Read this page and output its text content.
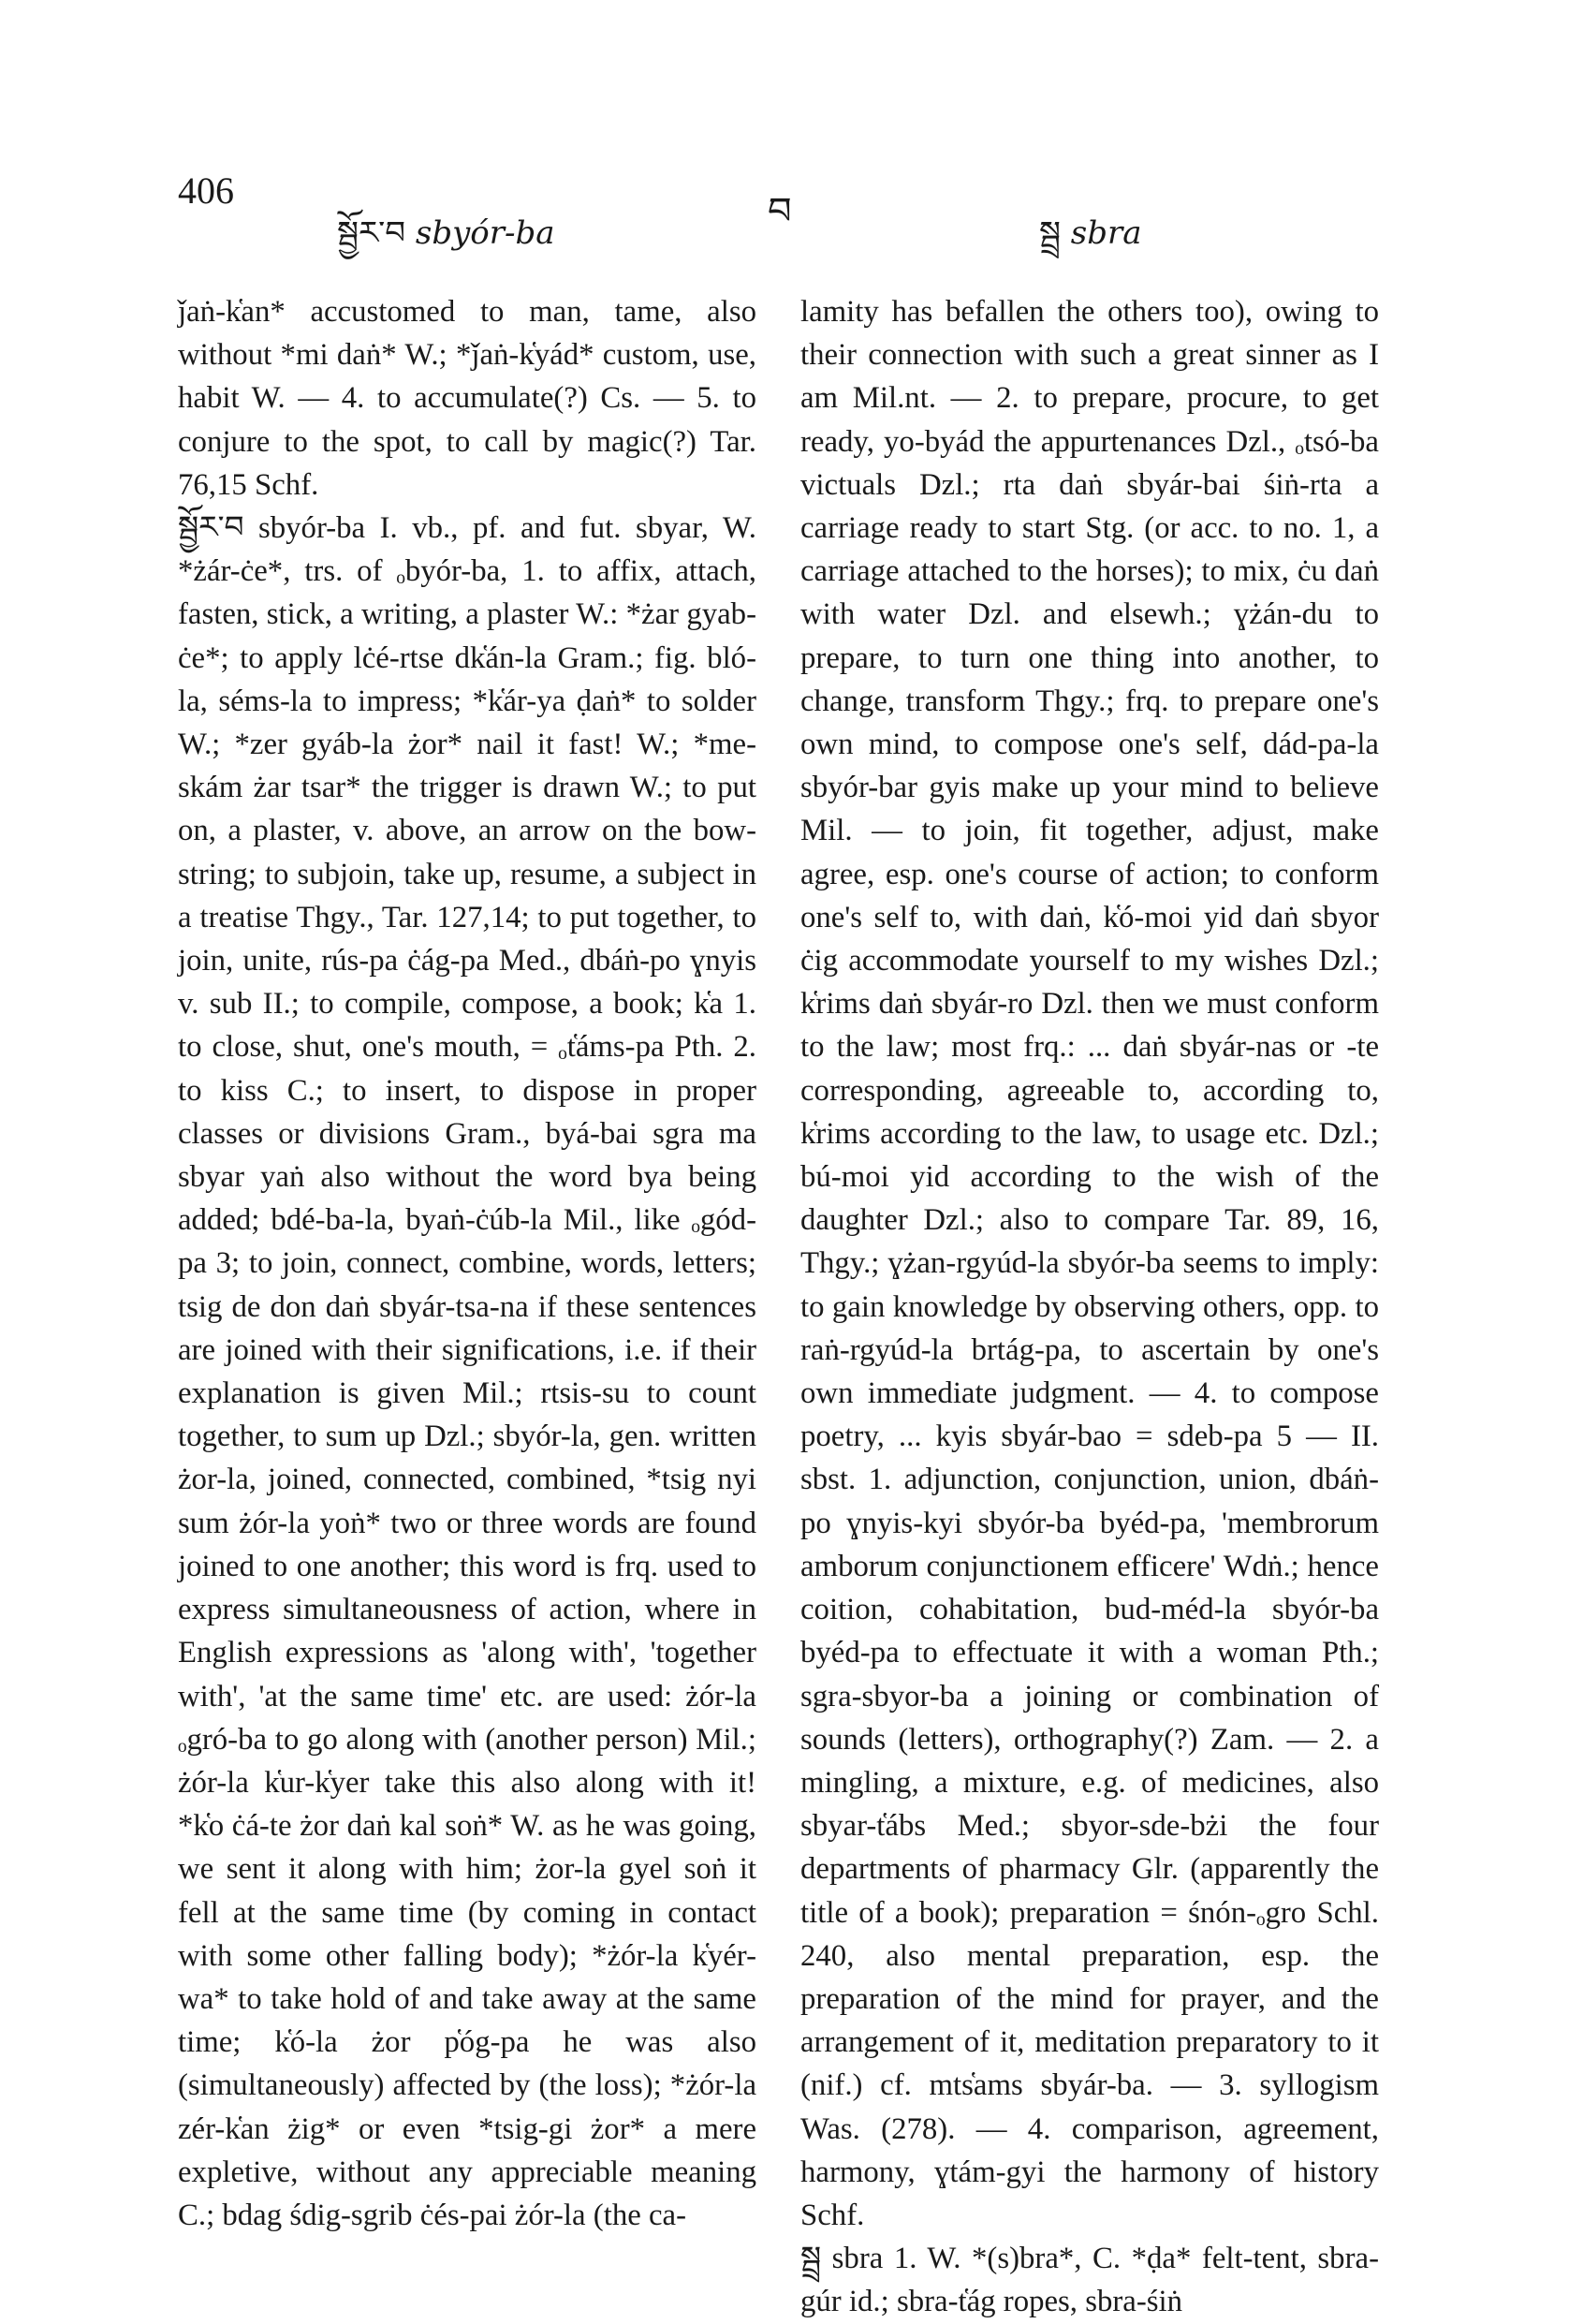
406
སྦྱོར་བ sbyór-ba	བ	སྦྲ sbra

ǰaṅ-k̔an* accustomed to man, tame, also without *mi daṅ* W.; *ǰaṅ-k̔yád* custom, use, habit W. — 4. to accumulate(?) Cs. — 5. to conjure to the spot, to call by magic(?) Tar. 76,15 Schf.

སྦྱོར་བ sbyór-ba I. vb., pf. and fut. sbyar, W. *żár-ċe*, trs. of ₒbyór-ba, 1. to affix, attach, fasten, stick, a writing, a plaster W.: *żar gyab-ċe*; to apply lċé-rtse dk̔án-la Gram.; fig. bló-la, séms-la to impress; *k̔ár-ya ḍaṅ* to solder W.; *zer gyáb-la żor* nail it fast! W.; *me-skám żar tsar* the trigger is drawn W.; to put on, a plaster, v. above, an arrow on the bow-string; to subjoin, take up, resume, a subject in a treatise Thgy., Tar. 127,14; to put together, to join, unite, rús-pa ċág-pa Med., dbáṅ-po ɣnyis v. sub II.; to compile, compose, a book; k̔a 1. to close, shut, one's mouth, = ₒt̔áms-pa Pth. 2. to kiss C.; to insert, to dispose in proper classes or divisions Gram., byá-bai sgra ma sbyar yaṅ also without the word bya being added; bdé-ba-la, byaṅ-ċúb-la Mil., like ₒgód-pa 3; to join, connect, combine, words, letters; tsig de don daṅ sbyár-tsa-na if these sentences are joined with their significations, i.e. if their explanation is given Mil.; rtsis-su to count together, to sum up Dzl.; sbyór-la, gen. written żor-la, joined, connected, combined, *tsig nyi sum żór-la yoṅ* two or three words are found joined to one another; this word is frq. used to express simultaneousness of action, where in English expressions as 'along with', 'together with', 'at the same time' etc. are used: żór-la ₒgró-ba to go along with (another person) Mil.; żór-la k̔ur-k̔yer take this also along with it! *k̔o ċá-te żor daṅ kal soṅ* W. as he was going, we sent it along with him; żor-la gyel soṅ it fell at the same time (by coming in contact with some other falling body); *żór-la k̔yér-wa* to take hold of and take away at the same time; k̔ó-la żor p̔óg-pa he was also (simultaneously) affected by (the loss); *żór-la zér-k̔an żig* or even *tsig-gi żor* a mere expletive, without any appreciable meaning C.; bdag śdig-sgrib ċés-pai żór-la (the ca-

lamity has befallen the others too), owing to their connection with such a great sinner as I am Mil.nt. — 2. to prepare, procure, to get ready, yo-byád the appurtenances Dzl., ₒtsó-ba victuals Dzl.; rta daṅ sbyár-bai śiṅ-rta a carriage ready to start Stg. (or acc. to no. 1, a carriage attached to the horses); to mix, ċu daṅ with water Dzl. and elsewh.; ɣżán-du to prepare, to turn one thing into another, to change, transform Thgy.; frq. to prepare one's own mind, to compose one's self, dád-pa-la sbyór-bar gyis make up your mind to believe Mil. — to join, fit together, adjust, make agree, esp. one's course of action; to conform one's self to, with daṅ, k̔ó-moi yid daṅ sbyor ċig accommodate yourself to my wishes Dzl.; k̔rims daṅ sbyár-ro Dzl. then we must conform to the law; most frq.: ... daṅ sbyár-nas or -te corresponding, agreeable to, according to, k̔rims according to the law, to usage etc. Dzl.; bú-moi yid according to the wish of the daughter Dzl.; also to compare Tar. 89, 16, Thgy.; ɣżan-rgyúd-la sbyór-ba seems to imply: to gain knowledge by observing others, opp. to raṅ-rgyúd-la brtág-pa, to ascertain by one's own immediate judgment. — 4. to compose poetry, ... kyis sbyár-bao = sdeb-pa 5 — II. sbst. 1. adjunction, conjunction, union, dbáṅ-po ɣnyis-kyi sbyór-ba byéd-pa, 'membrorum amborum conjunctionem efficere' Wdṅ.; hence coition, cohabitation, bud-méd-la sbyór-ba byéd-pa to effectuate it with a woman Pth.; sgra-sbyor-ba a joining or combination of sounds (letters), orthography(?) Zam. — 2. a mingling, a mixture, e.g. of medicines, also sbyar-t̔ábs Med.; sbyor-sde-bżi the four departments of pharmacy Glr. (apparently the title of a book); preparation = śnón-ₒgro Schl. 240, also mental preparation, esp. the preparation of the mind for prayer, and the arrangement of it, meditation preparatory to it (nif.) cf. mts̔ams sbyár-ba. — 3. syllogism Was. (278). — 4. comparison, agreement, harmony, ɣtám-gyi the harmony of history Schf.

སྦྲ sbra 1. W. *(s)bra*, C. *ḍa* felt-tent, sbra-gúr id.; sbra-t̔ág ropes, sbra-śiṅ
